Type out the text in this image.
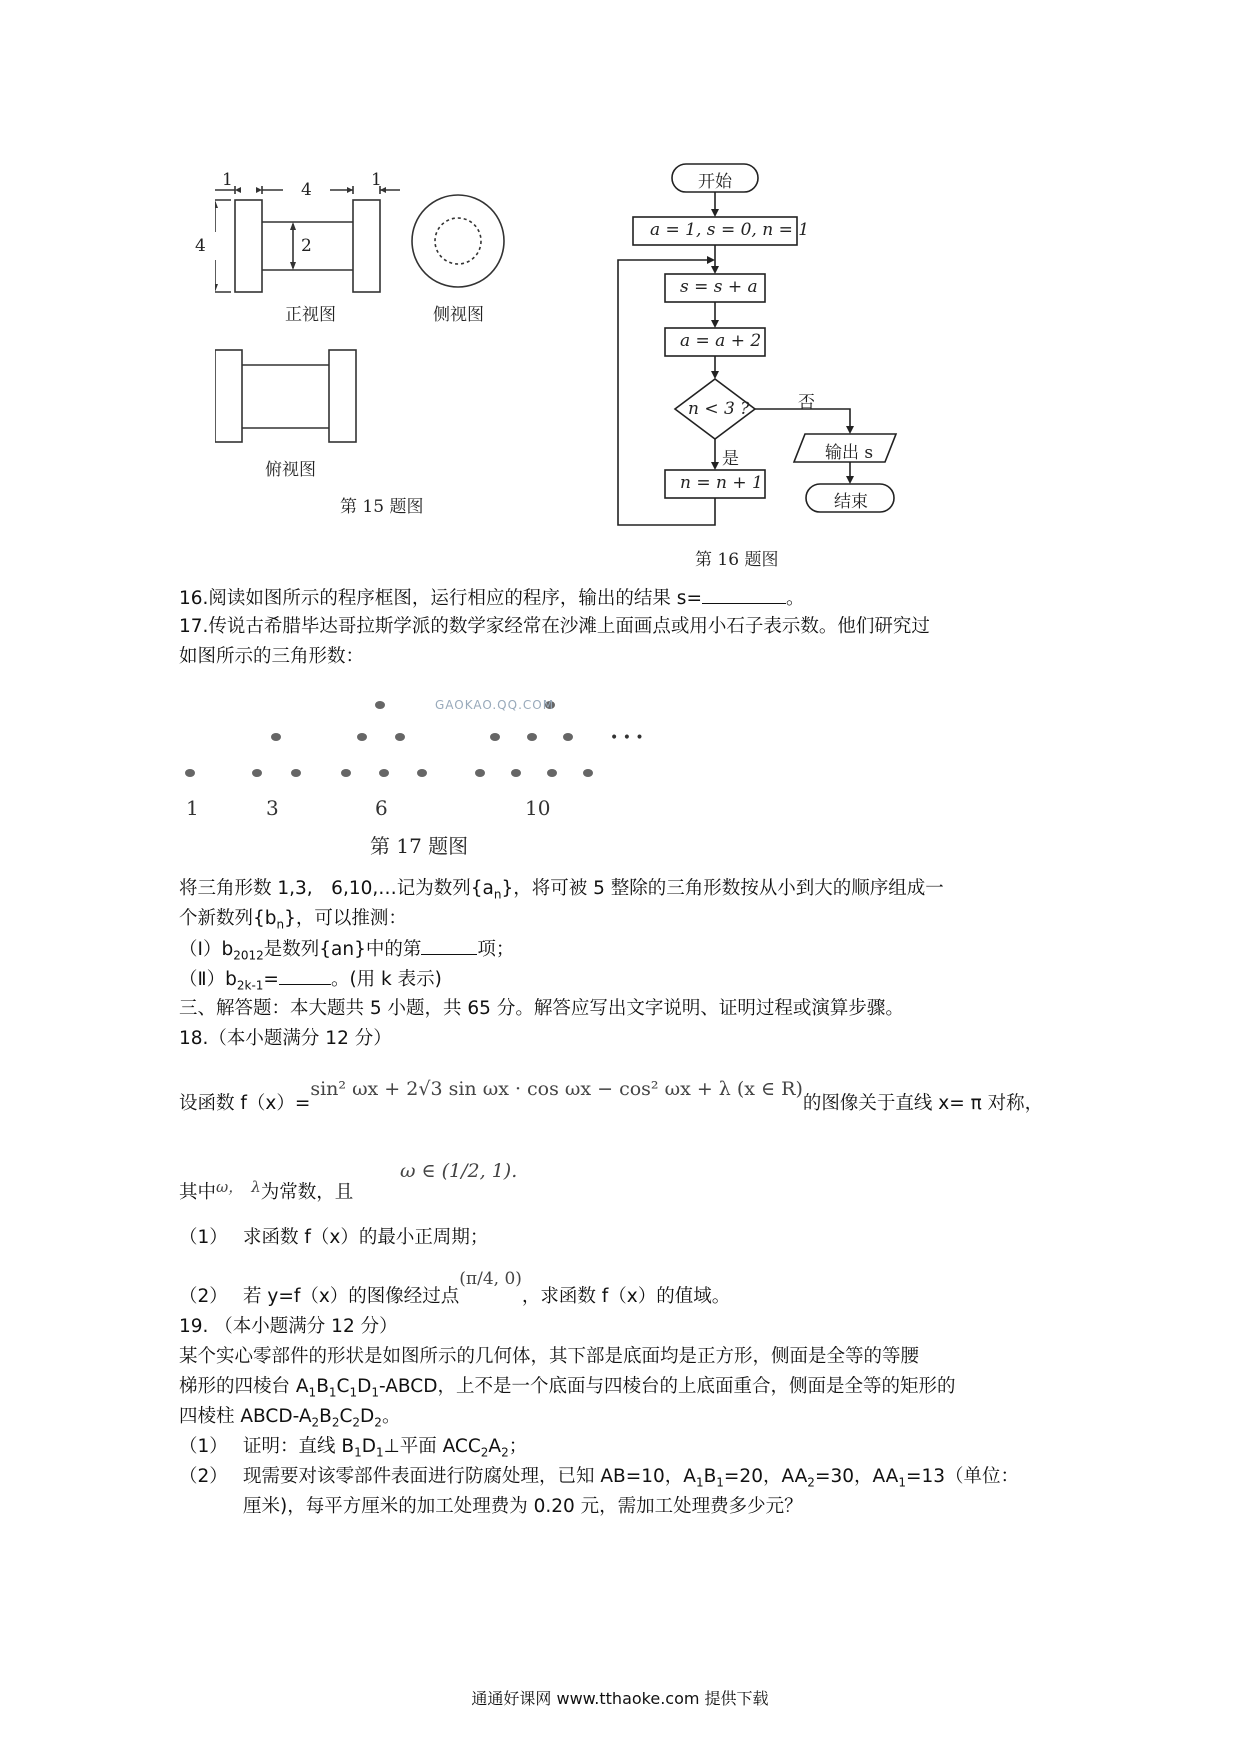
1	4	1
4	2
正视图	侧视图
俯视图
第 15 题图
开始
a = 1, s = 0, n = 1
s = s + a
a = a + 2
n < 3 ?	否
是	输出 s
n = n + 1
结束
第 16 题图
16.阅读如图所示的程序框图，运行相应的程序，输出的结果 s=	。
17.传说古希腊毕达哥拉斯学派的数学家经常在沙滩上面画点或用小石子表示数。他们研究过
如图所示的三角形数：
GAOKAO.QQ.COM
• • •
1	3	6	10
第 17 题图
将三角形数 1,3,　6,10,…记为数列$\{a_n\}$，将可被 5 整除的三角形数按从小到大的顺序组成一
个新数列$\{b_n\}$，可以推测：
$(Ⅰ)b_{2012}$是数列{an}中的第	项；
$(Ⅱ)b_{2k-1}=$	。(用 k 表示)
三、解答题：本大题共 5 小题，共 65 分。解答应写出文字说明、证明过程或演算步骤。
18.（本小题满分 12 分）
设函数 f（x）=sin² ωx + 2√3 sin ωx · cos ωx − cos² ωx + λ (x ∈ R)的图像关于直线 x= π 对称，
其中$^{\omega,}$ $^\lambda$为常数，且
ω ∈ (1/2, 1).
（1） 求函数 f（x）的最小正周期；
（2） 若 y=f（x）的图像经过点(π/4, 0)，求函数 f（x）的值域。
19. （本小题满分 12 分）
某个实心零部件的形状是如图所示的几何体，其下部是底面均是正方形，侧面是全等的等腰
梯形的四棱台 $A_1B_1C_1D_1$-ABCD，上不是一个底面与四棱台的上底面重合，侧面是全等的矩形的
四棱柱 ABCD-$A_2B_2C_2D_2$。
（1） 证明：直线 $B_1D_1\perp$平面 $ACC_2A_2$；
（2） 现需要对该零部件表面进行防腐处理，已知 AB=10，$A_1B_1=20$，$AA_2=30$，$AA_1=13$（单位：
厘米)，每平方厘米的加工处理费为 0.20 元，需加工处理费多少元？
通通好课网 www.tthaoke.com 提供下载
